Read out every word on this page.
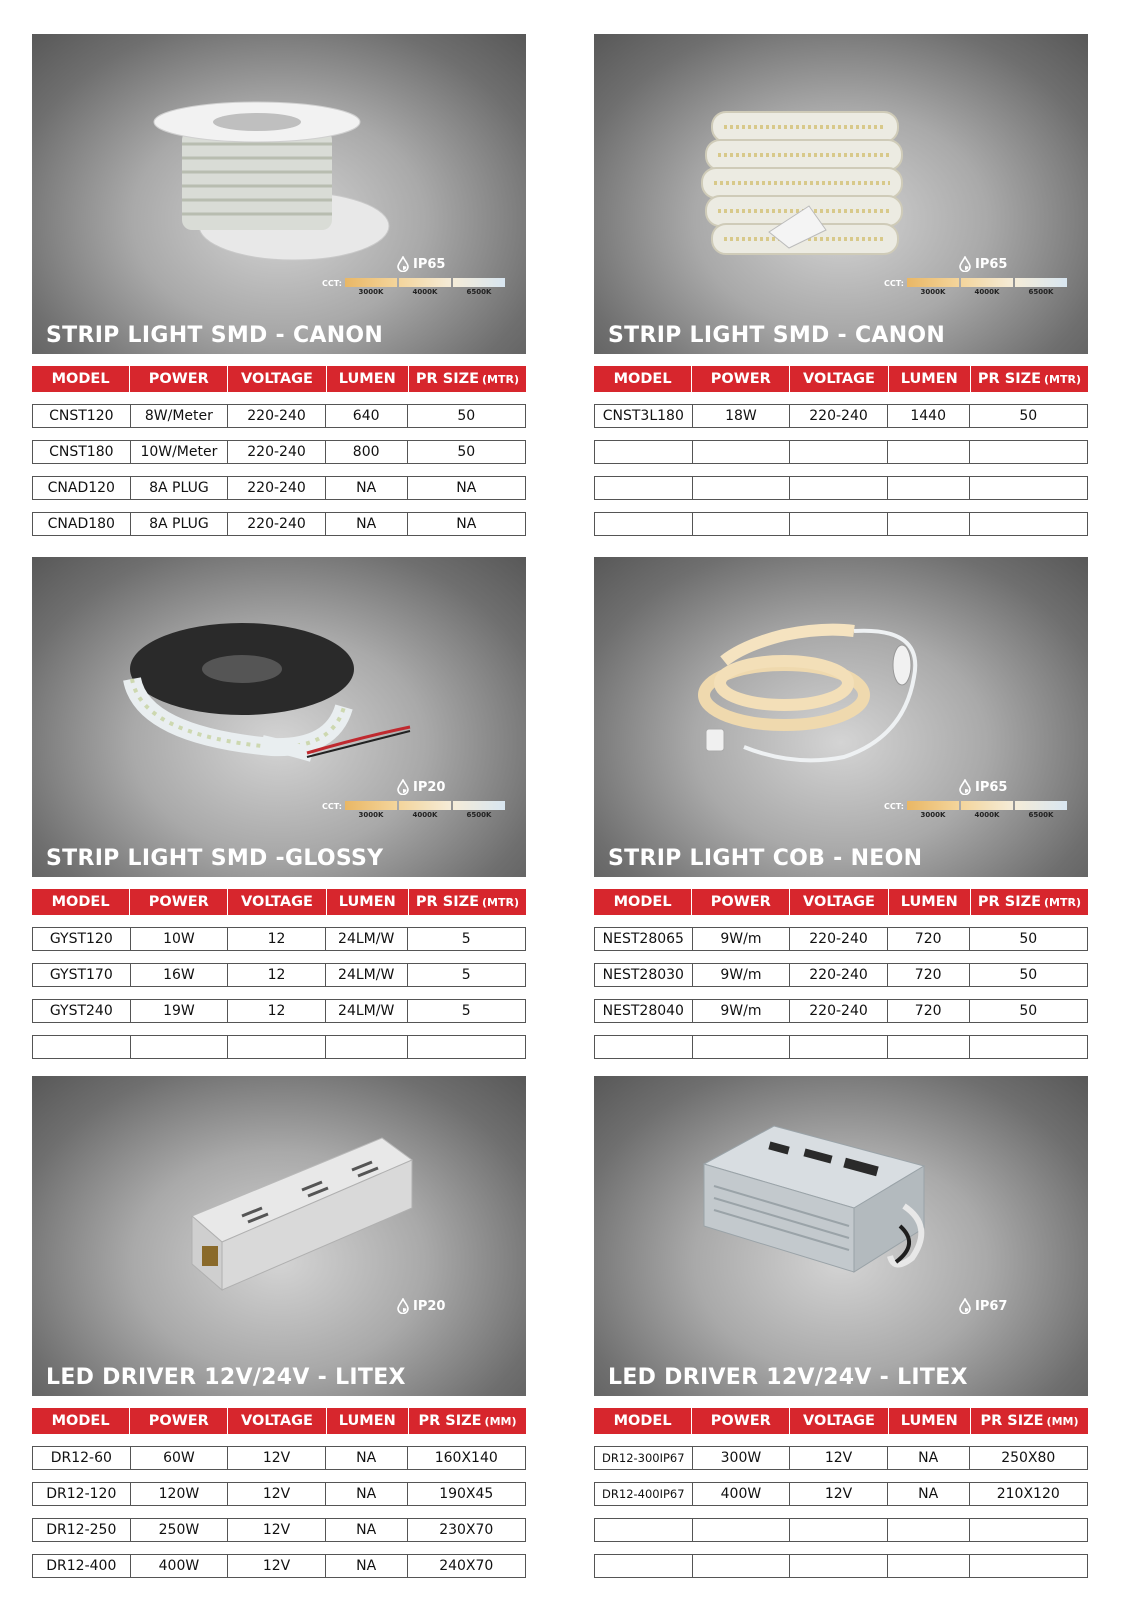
IP65
CCT:
3000K	4000K	6500K
STRIP LIGHT SMD - CANON
MODEL	POWER	VOLTAGE	LUMEN	PR SIZE (MTR)
CNST120	8W/Meter	220-240	640	50
CNST180	10W/Meter	220-240	800	50
CNAD120	8A PLUG	220-240	NA	NA
CNAD180	8A PLUG	220-240	NA	NA
IP65
CCT:
3000K	4000K	6500K
STRIP LIGHT SMD - CANON
MODEL	POWER	VOLTAGE	LUMEN	PR SIZE (MTR)
CNST3L180	18W	220-240	1440	50
IP20
CCT:
3000K	4000K	6500K
STRIP LIGHT SMD -GLOSSY
MODEL	POWER	VOLTAGE	LUMEN	PR SIZE (MTR)
GYST120	10W	12	24LM/W	5
GYST170	16W	12	24LM/W	5
GYST240	19W	12	24LM/W	5
IP65
CCT:
3000K	4000K	6500K
STRIP LIGHT COB - NEON
MODEL	POWER	VOLTAGE	LUMEN	PR SIZE (MTR)
NEST28065	9W/m	220-240	720	50
NEST28030	9W/m	220-240	720	50
NEST28040	9W/m	220-240	720	50
IP20
LED DRIVER 12V/24V - LITEX
MODEL	POWER	VOLTAGE	LUMEN	PR SIZE (MM)
DR12-60	60W	12V	NA	160X140
DR12-120	120W	12V	NA	190X45
DR12-250	250W	12V	NA	230X70
DR12-400	400W	12V	NA	240X70
IP67
LED DRIVER 12V/24V - LITEX
MODEL	POWER	VOLTAGE	LUMEN	PR SIZE (MM)
DR12-300IP67	300W	12V	NA	250X80
DR12-400IP67	400W	12V	NA	210X120
